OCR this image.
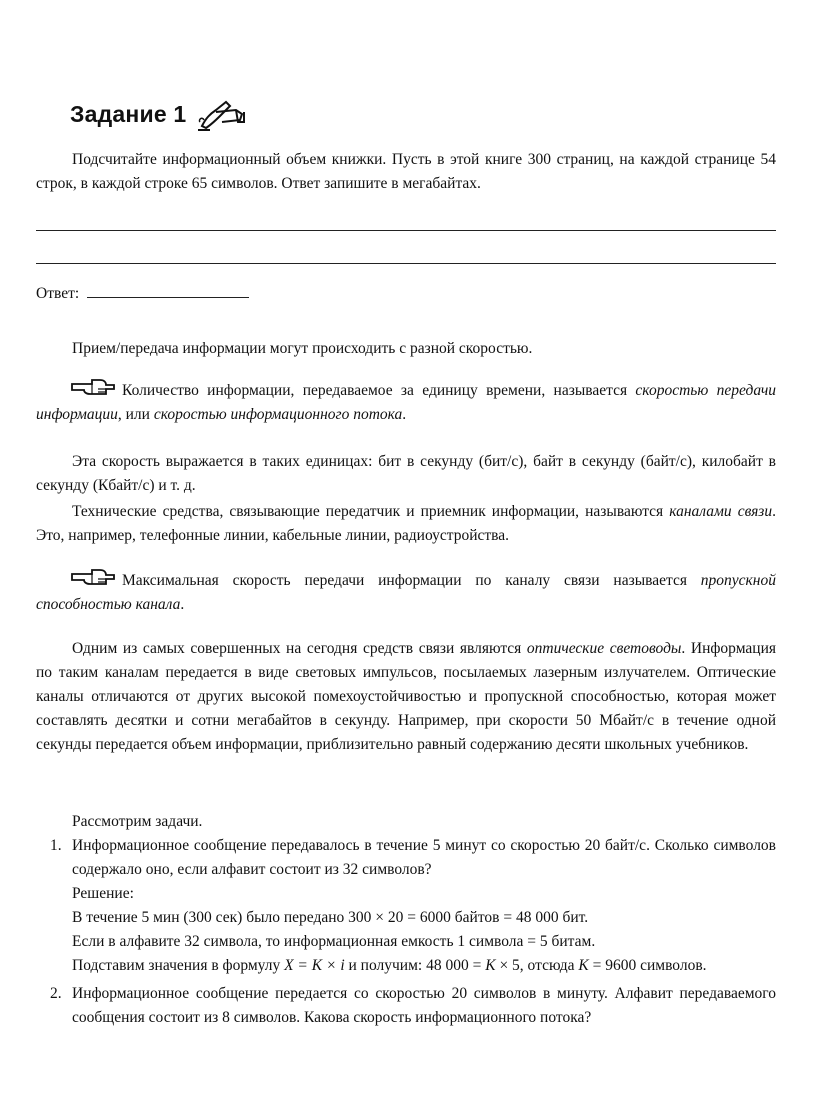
Задание 1

Подсчитайте информационный объем книжки. Пусть в этой книге 300 страниц, на каждой странице 54 строк, в каждой строке 65 символов. Ответ запишите в мегабайтах.

Ответ:

Прием/передача информации могут происходить с разной скоростью.

Количество информации, передаваемое за единицу времени, называется скоростью передачи информации, или скоростью информационного потока.

Эта скорость выражается в таких единицах: бит в секунду (бит/с), байт в секунду (байт/с), килобайт в секунду (Кбайт/с) и т. д.

Технические средства, связывающие передатчик и приемник информации, называются каналами связи. Это, например, телефонные линии, кабельные линии, радиоустройства.

Максимальная скорость передачи информации по каналу связи называется пропускной способностью канала.

Одним из самых совершенных на сегодня средств связи являются оптические световоды. Информация по таким каналам передается в виде световых импульсов, посылаемых лазерным излучателем. Оптические каналы отличаются от других высокой помехоустойчивостью и пропускной способностью, которая может составлять десятки и сотни мегабайтов в секунду. Например, при скорости 50 Мбайт/с в течение одной секунды передается объем информации, приблизительно равный содержанию десяти школьных учебников.

Рассмотрим задачи.

1. Информационное сообщение передавалось в течение 5 минут со скоростью 20 байт/с. Сколько символов содержало оно, если алфавит состоит из 32 символов?

Решение:

В течение 5 мин (300 сек) было передано 300 × 20 = 6000 байтов = 48 000 бит.

Если в алфавите 32 символа, то информационная емкость 1 символа = 5 битам.

Подставим значения в формулу X = K × i и получим: 48 000 = K × 5, отсюда K = 9600 символов.

2. Информационное сообщение передается со скоростью 20 символов в минуту. Алфавит передаваемого сообщения состоит из 8 символов. Какова скорость информационного потока?
